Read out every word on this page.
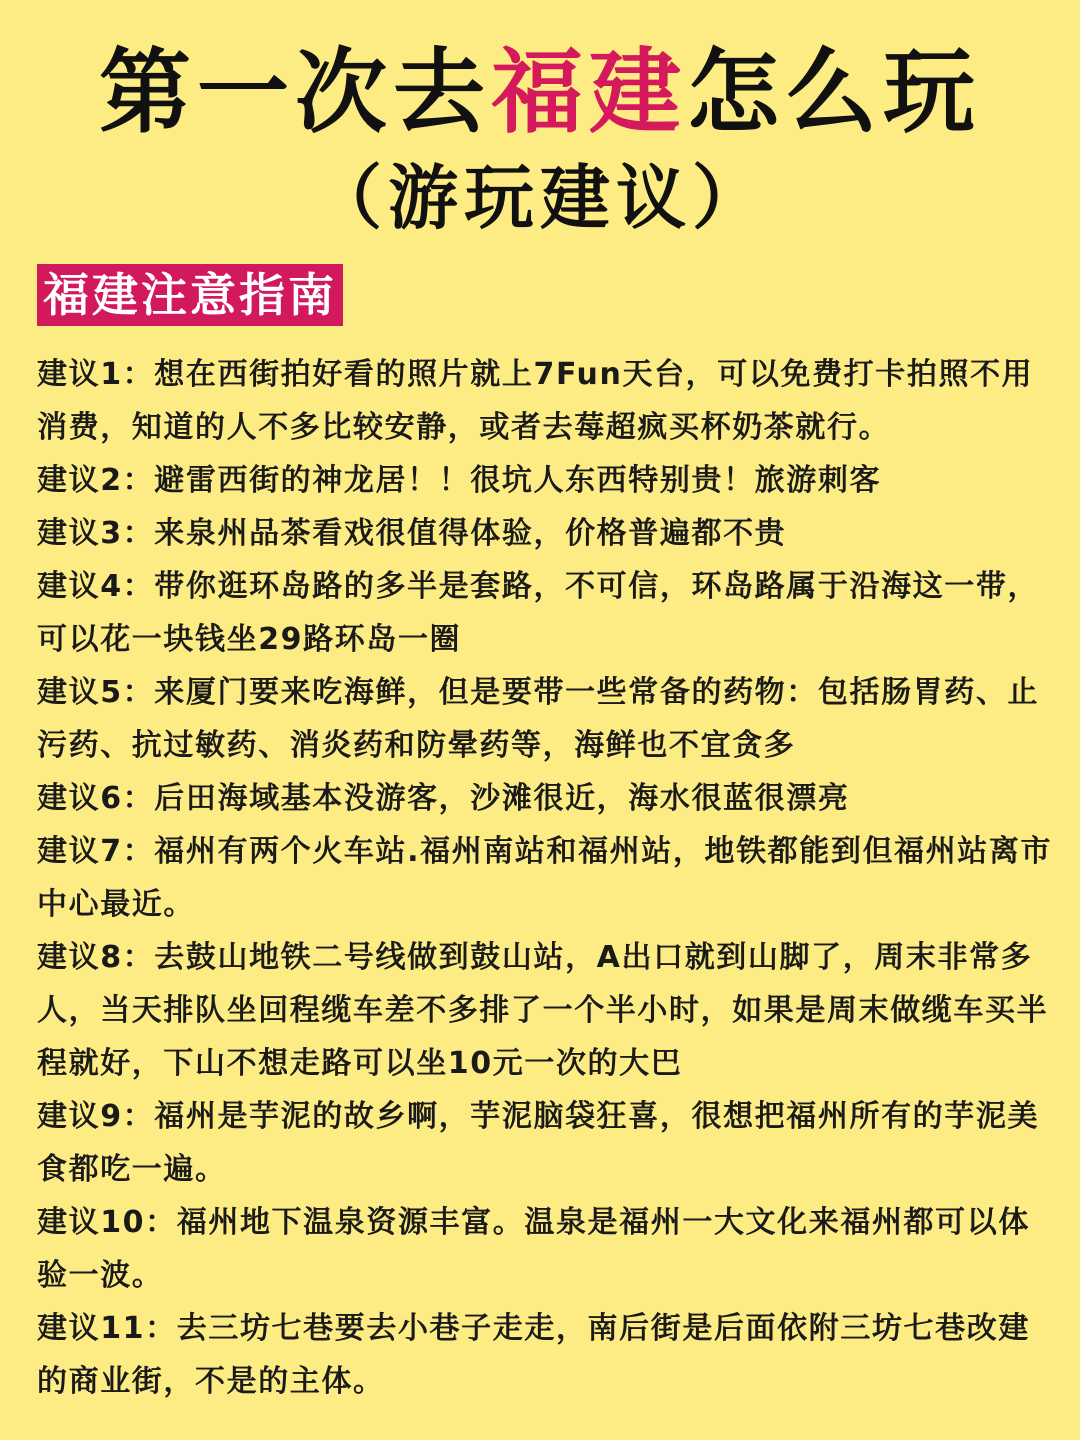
第一次去福建怎么玩
（游玩建议）
福建注意指南

建议1：想在西街拍好看的照片就上7Fun天台，可以免费打卡拍照不用消费，知道的人不多比较安静，或者去莓超疯买杯奶茶就行。

建议2：避雷西街的神龙居！！很坑人东西特别贵！旅游刺客

建议3：来泉州品茶看戏很值得体验，价格普遍都不贵

建议4：带你逛环岛路的多半是套路，不可信，环岛路属于沿海这一带，可以花一块钱坐29路环岛一圈

建议5：来厦门要来吃海鲜，但是要带一些常备的药物：包括肠胃药、止污药、抗过敏药、消炎药和防晕药等，海鲜也不宜贪多

建议6：后田海域基本没游客，沙滩很近，海水很蓝很漂亮

建议7：福州有两个火车站.福州南站和福州站，地铁都能到但福州站离市中心最近。

建议8：去鼓山地铁二号线做到鼓山站，A出口就到山脚了，周末非常多人，当天排队坐回程缆车差不多排了一个半小时，如果是周末做缆车买半程就好，下山不想走路可以坐10元一次的大巴

建议9：福州是芋泥的故乡啊，芋泥脑袋狂喜，很想把福州所有的芋泥美食都吃一遍。

建议10：福州地下温泉资源丰富。温泉是福州一大文化来福州都可以体验一波。

建议11：去三坊七巷要去小巷子走走，南后街是后面依附三坊七巷改建的商业街，不是的主体。
